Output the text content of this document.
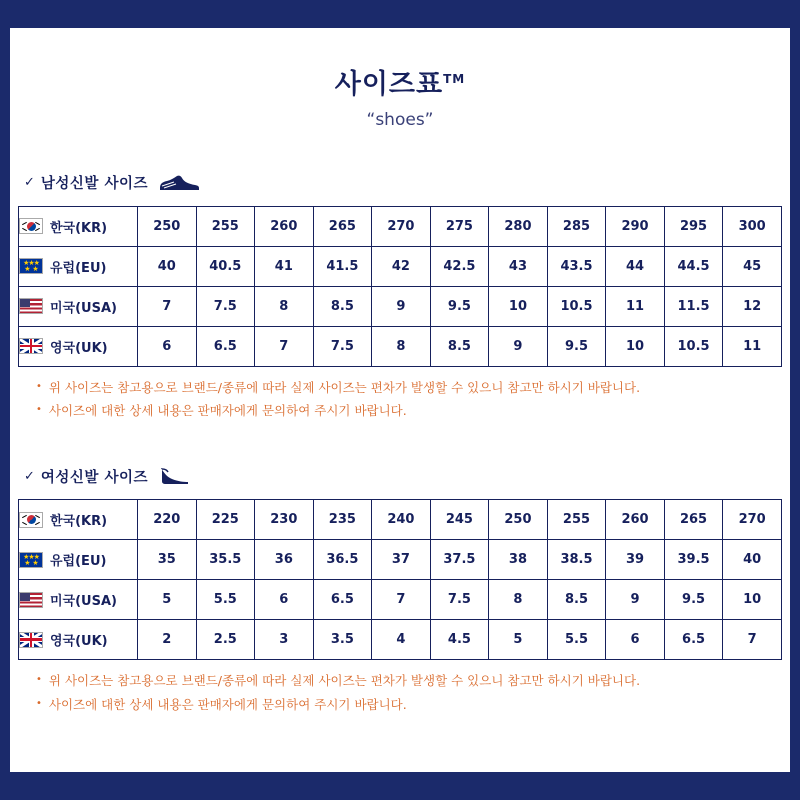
사이즈표™
“shoes”
✓ 남성신발 사이즈
한국(KR)	250	255	260	265	270	275	280	285	290	295	300

★★★
★  ★ 유럽(EU)	40	40.5	41	41.5	42	42.5	43	43.5	44	44.5	45

미국(USA)	7	7.5	8	8.5	9	9.5	10	10.5	11	11.5	12

영국(UK)	6	6.5	7	7.5	8	8.5	9	9.5	10	10.5	11
• 위 사이즈는 참고용으로 브랜드/종류에 따라 실제 사이즈는 편차가 발생할 수 있으니 참고만 하시기 바랍니다.
• 사이즈에 대한 상세 내용은 판매자에게 문의하여 주시기 바랍니다.
✓ 여성신발 사이즈
한국(KR)	220	225	230	235	240	245	250	255	260	265	270

★★★
★  ★ 유럽(EU)	35	35.5	36	36.5	37	37.5	38	38.5	39	39.5	40

미국(USA)	5	5.5	6	6.5	7	7.5	8	8.5	9	9.5	10

영국(UK)	2	2.5	3	3.5	4	4.5	5	5.5	6	6.5	7
• 위 사이즈는 참고용으로 브랜드/종류에 따라 실제 사이즈는 편차가 발생할 수 있으니 참고만 하시기 바랍니다.
• 사이즈에 대한 상세 내용은 판매자에게 문의하여 주시기 바랍니다.
